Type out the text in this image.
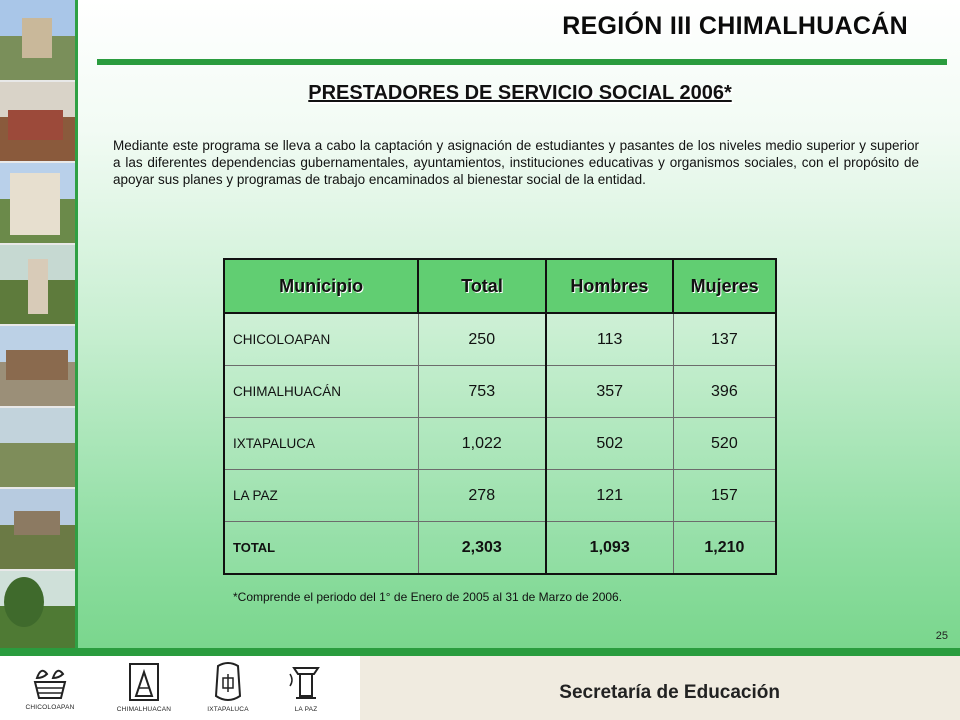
REGIÓN III CHIMALHUACÁN
PRESTADORES DE SERVICIO SOCIAL 2006*
Mediante este programa se lleva a cabo la captación y asignación de estudiantes y pasantes de los niveles medio superior y superior a las diferentes dependencias gubernamentales, ayuntamientos, instituciones educativas y organismos sociales, con el propósito de apoyar sus planes y programas de trabajo encaminados al bienestar social de la entidad.
Municipio	Total	Hombres	Mujeres
CHICOLOAPAN	250	113	137
CHIMALHUACÁN	753	357	396
IXTAPALUCA	1,022	502	520
LA PAZ	278	121	157
TOTAL	2,303	1,093	1,210
*Comprende el periodo del 1° de Enero de 2005 al 31 de Marzo de 2006.
25
Secretaría de Educación
CHICOLOAPAN	CHIMALHUACAN	IXTAPALUCA	LA PAZ
